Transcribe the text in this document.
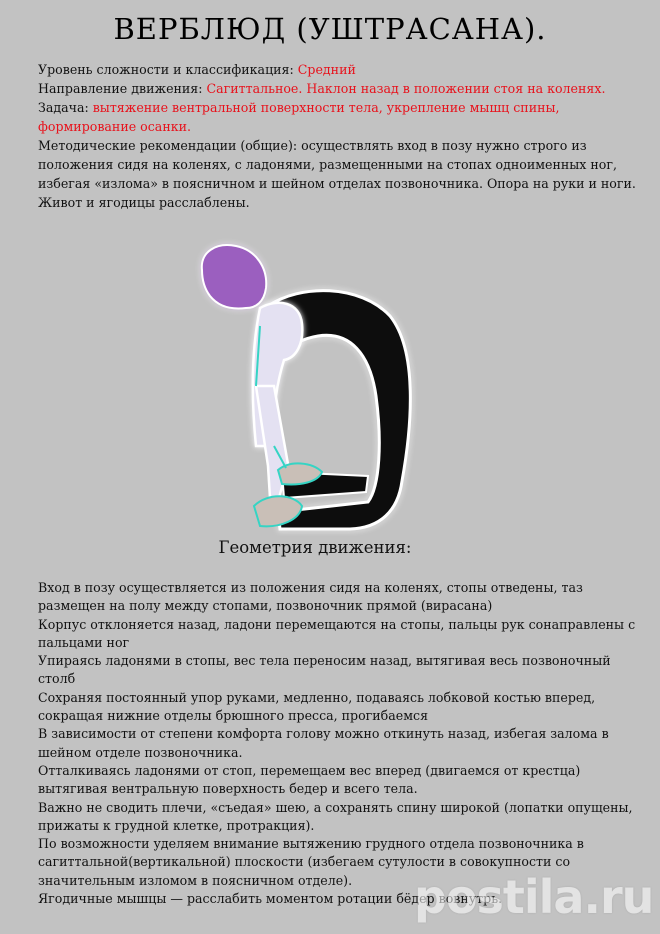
ВЕРБЛЮД (УШТРАСАНА).

Уровень сложности и классификация: Средний

Направление движения: Сагиттальное. Наклон назад в положении стоя на коленях.

Задача: вытяжение вентральной поверхности тела, укрепление мышц спины, формирование осанки.

Методические рекомендации (общие): осуществлять вход в позу нужно строго из положения сидя на коленях, с ладонями, размещенными на стопах одноименных ног, избегая «излома» в поясничном и шейном отделах позвоночника. Опора на руки и ноги. Живот и ягодицы расслаблены.

Геометрия движения:

Вход в позу осуществляется из положения сидя на коленях, стопы отведены, таз размещен на полу между стопами, позвоночник прямой (вирасана)

Корпус отклоняется назад, ладони перемещаются на стопы, пальцы рук сонаправлены с пальцами ног

Упираясь ладонями в стопы, вес тела переносим назад, вытягивая весь позвоночный столб

Сохраняя постоянный упор руками, медленно, подаваясь лобковой костью вперед, сокращая нижние отделы брюшного пресса, прогибаемся

В зависимости от степени комфорта голову можно откинуть назад, избегая залома в шейном отделе позвоночника.

Отталкиваясь ладонями от стоп, перемещаем вес вперед (двигаемся от крестца) вытягивая вентральную поверхность бедер и всего тела.

Важно не сводить плечи, «съедая» шею, а сохранять спину широкой (лопатки опущены, прижаты к грудной клетке, протракция).

По возможности уделяем внимание вытяжению грудного отдела позвоночника в сагиттальной(вертикальной) плоскости (избегаем сутулости в совокупности со значительным изломом в поясничном отделе).

Ягодичные мышцы — расслабить моментом ротации бёдер вовнутрь.

postila.ru
